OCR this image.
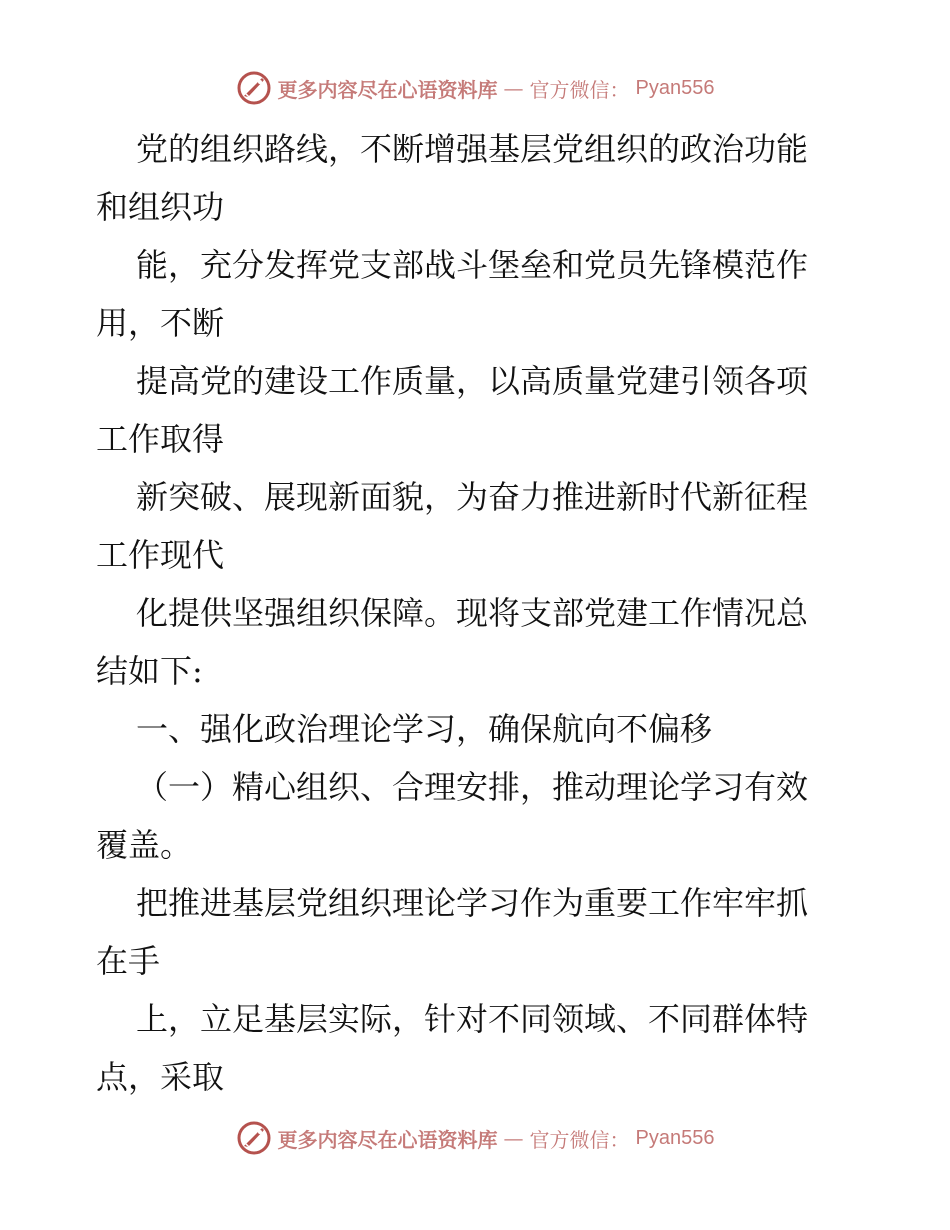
更多内容尽在心语资料库 — 官方微信： Pyan556
党的组织路线，不断增强基层党组织的政治功能
和组织功
能，充分发挥党支部战斗堡垒和党员先锋模范作
用，不断
提高党的建设工作质量，以高质量党建引领各项
工作取得
新突破、展现新面貌，为奋力推进新时代新征程
工作现代
化提供坚强组织保障。现将支部党建工作情况总
结如下:
一、强化政治理论学习，确保航向不偏移
（一）精心组织、合理安排，推动理论学习有效
覆盖。
把推进基层党组织理论学习作为重要工作牢牢抓
在手
上，立足基层实际，针对不同领域、不同群体特
点，采取
更多内容尽在心语资料库 — 官方微信： Pyan556
